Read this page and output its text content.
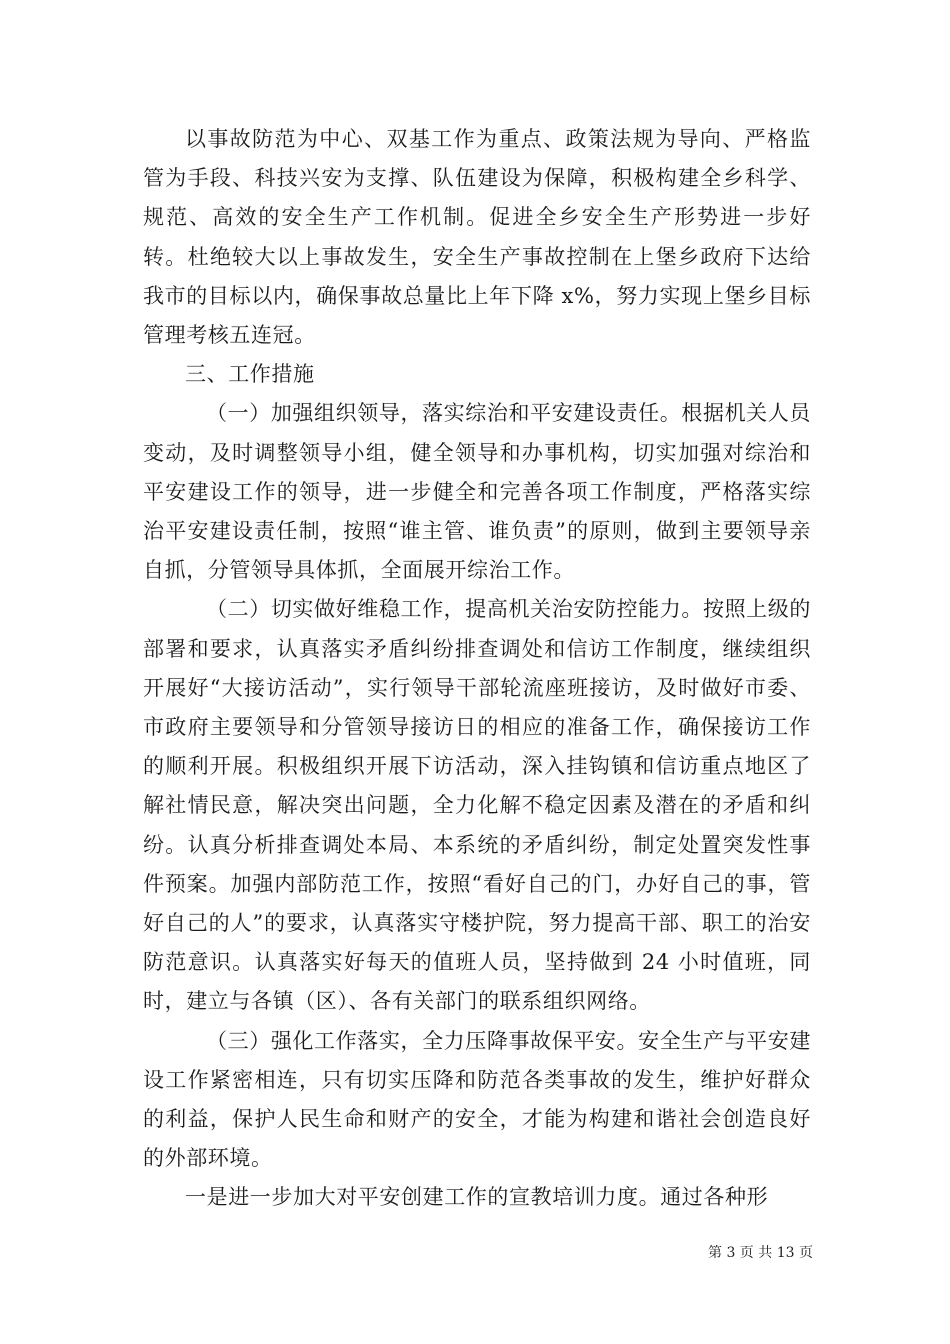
以事故防范为中心、双基工作为重点、政策法规为导向、严格监管为手段、科技兴安为支撑、队伍建设为保障，积极构建全乡科学、规范、高效的安全生产工作机制。促进全乡安全生产形势进一步好转。杜绝较大以上事故发生，安全生产事故控制在上堡乡政府下达给我市的目标以内，确保事故总量比上年下降 x%，努力实现上堡乡目标管理考核五连冠。

三、工作措施

（一）加强组织领导，落实综治和平安建设责任。根据机关人员变动，及时调整领导小组，健全领导和办事机构，切实加强对综治和平安建设工作的领导，进一步健全和完善各项工作制度，严格落实综治平安建设责任制，按照“谁主管、谁负责”的原则，做到主要领导亲自抓，分管领导具体抓，全面展开综治工作。

（二）切实做好维稳工作，提高机关治安防控能力。按照上级的部署和要求，认真落实矛盾纠纷排查调处和信访工作制度，继续组织开展好“大接访活动”，实行领导干部轮流座班接访，及时做好市委、市政府主要领导和分管领导接访日的相应的准备工作，确保接访工作的顺利开展。积极组织开展下访活动，深入挂钩镇和信访重点地区了解社情民意，解决突出问题，全力化解不稳定因素及潜在的矛盾和纠纷。认真分析排查调处本局、本系统的矛盾纠纷，制定处置突发性事件预案。加强内部防范工作，按照“看好自己的门，办好自己的事，管好自己的人”的要求，认真落实守楼护院，努力提高干部、职工的治安防范意识。认真落实好每天的值班人员，坚持做到 24 小时值班，同时，建立与各镇（区）、各有关部门的联系组织网络。

（三）强化工作落实，全力压降事故保平安。安全生产与平安建设工作紧密相连，只有切实压降和防范各类事故的发生，维护好群众的利益，保护人民生命和财产的安全，才能为构建和谐社会创造良好的外部环境。

一是进一步加大对平安创建工作的宣教培训力度。通过各种形

第 3 页 共 13 页
